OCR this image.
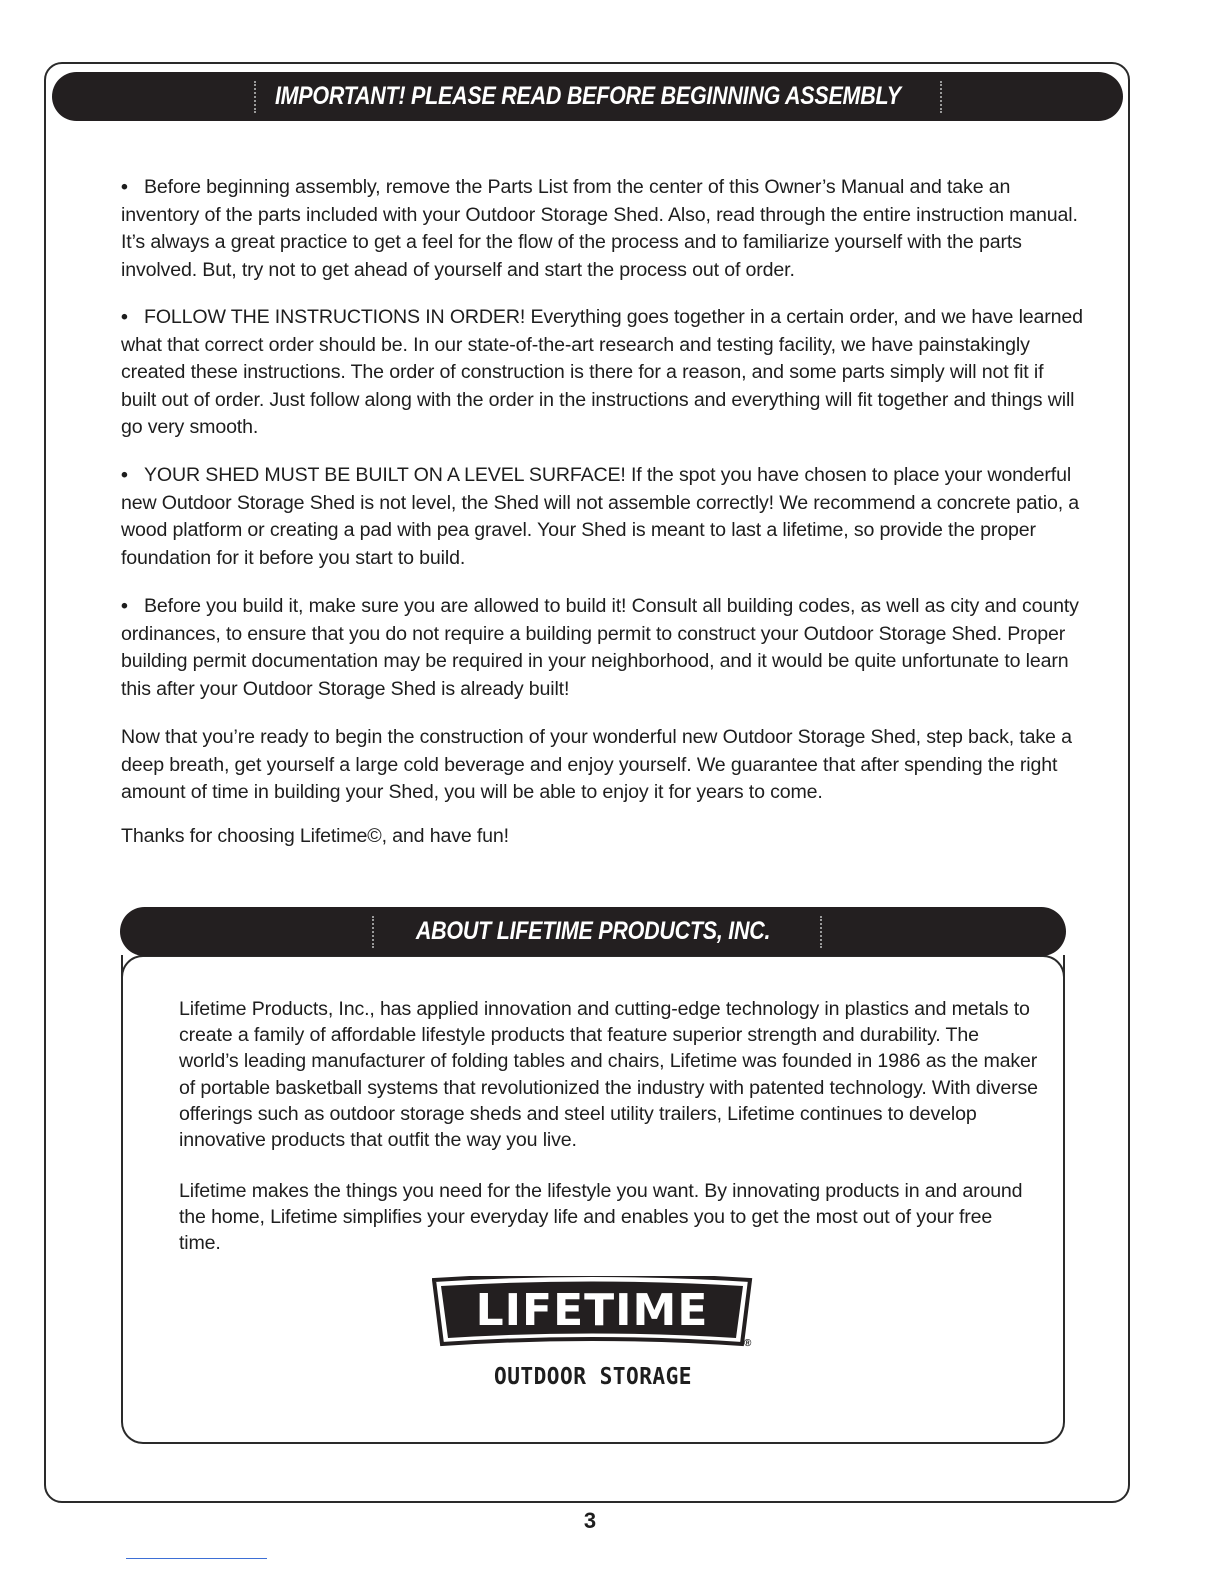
IMPORTANT! PLEASE READ BEFORE BEGINNING ASSEMBLY

• Before beginning assembly, remove the Parts List from the center of this Owner’s Manual and take an inventory of the parts included with your Outdoor Storage Shed. Also, read through the entire instruction manual. It’s always a great practice to get a feel for the flow of the process and to familiarize yourself with the parts involved. But, try not to get ahead of yourself and start the process out of order.

• FOLLOW THE INSTRUCTIONS IN ORDER! Everything goes together in a certain order, and we have learned what that correct order should be. In our state-of-the-art research and testing facility, we have painstakingly created these instructions. The order of construction is there for a reason, and some parts simply will not fit if built out of order. Just follow along with the order in the instructions and everything will fit together and things will go very smooth.

• YOUR SHED MUST BE BUILT ON A LEVEL SURFACE! If the spot you have chosen to place your wonderful new Outdoor Storage Shed is not level, the Shed will not assemble correctly! We recommend a concrete patio, a wood platform or creating a pad with pea gravel. Your Shed is meant to last a lifetime, so provide the proper foundation for it before you start to build.

• Before you build it, make sure you are allowed to build it! Consult all building codes, as well as city and county ordinances, to ensure that you do not require a building permit to construct your Outdoor Storage Shed. Proper building permit documentation may be required in your neighborhood, and it would be quite unfortunate to learn this after your Outdoor Storage Shed is already built!

Now that you’re ready to begin the construction of your wonderful new Outdoor Storage Shed, step back, take a deep breath, get yourself a large cold beverage and enjoy yourself. We guarantee that after spending the right amount of time in building your Shed, you will be able to enjoy it for years to come.

Thanks for choosing Lifetime©, and have fun!

ABOUT LIFETIME PRODUCTS, INC.

Lifetime Products, Inc., has applied innovation and cutting-edge technology in plastics and metals to create a family of affordable lifestyle products that feature superior strength and durability. The world’s leading manufacturer of folding tables and chairs, Lifetime was founded in 1986 as the maker of portable basketball systems that revolutionized the industry with patented technology. With diverse offerings such as outdoor storage sheds and steel utility trailers, Lifetime continues to develop innovative products that outfit the way you live.

Lifetime makes the things you need for the lifestyle you want. By innovating products in and around the home, Lifetime simplifies your everyday life and enables you to get the most out of your free time.

LIFETIME
®
OUTDOOR STORAGE
3
